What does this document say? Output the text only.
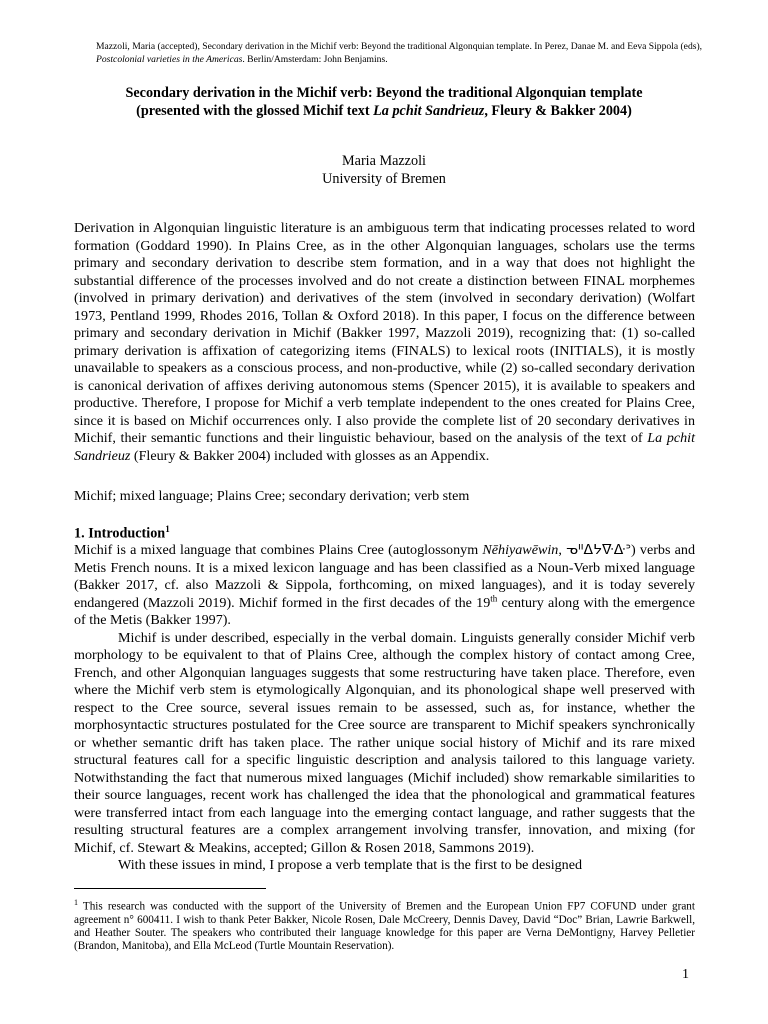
Mazzoli, Maria (accepted), Secondary derivation in the Michif verb: Beyond the traditional Algonquian template. In Perez, Danae M. and Eeva Sippola (eds), Postcolonial varieties in the Americas. Berlin/Amsterdam: John Benjamins.
Secondary derivation in the Michif verb: Beyond the traditional Algonquian template
(presented with the glossed Michif text La pchit Sandrieuz, Fleury & Bakker 2004)
Maria Mazzoli
University of Bremen

Derivation in Algonquian linguistic literature is an ambiguous term that indicating processes related to word formation (Goddard 1990). In Plains Cree, as in the other Algonquian languages, scholars use the terms primary and secondary derivation to describe stem formation, and in a way that does not highlight the substantial difference of the processes involved and do not create a distinction between FINAL morphemes (involved in primary derivation) and derivatives of the stem (involved in secondary derivation) (Wolfart 1973, Pentland 1999, Rhodes 2016, Tollan & Oxford 2018). In this paper, I focus on the difference between primary and secondary derivation in Michif (Bakker 1997, Mazzoli 2019), recognizing that: (1) so-called primary derivation is affixation of categorizing items (FINALS) to lexical roots (INITIALS), it is mostly unavailable to speakers as a conscious process, and non-productive, while (2) so-called secondary derivation is canonical derivation of affixes deriving autonomous stems (Spencer 2015), it is available to speakers and productive. Therefore, I propose for Michif a verb template independent to the ones created for Plains Cree, since it is based on Michif occurrences only. I also provide the complete list of 20 secondary derivatives in Michif, their semantic functions and their linguistic behaviour, based on the analysis of the text of La pchit Sandrieuz (Fleury & Bakker 2004) included with glosses as an Appendix.

Michif; mixed language; Plains Cree; secondary derivation; verb stem

1. Introduction$^1$

Michif is a mixed language that combines Plains Cree (autoglossonym Nēhiyawēwin, ᓀᐦᐃᔭᐍᐏᐣ) verbs and Metis French nouns. It is a mixed lexicon language and has been classified as a Noun-Verb mixed language (Bakker 2017, cf. also Mazzoli & Sippola, forthcoming, on mixed languages), and it is today severely endangered (Mazzoli 2019). Michif formed in the first decades of the 19th century along with the emergence of the Metis (Bakker 1997).

Michif is under described, especially in the verbal domain. Linguists generally consider Michif verb morphology to be equivalent to that of Plains Cree, although the complex history of contact among Cree, French, and other Algonquian languages suggests that some restructuring have taken place. Therefore, even where the Michif verb stem is etymologically Algonquian, and its phonological shape well preserved with respect to the Cree source, several issues remain to be assessed, such as, for instance, whether the morphosyntactic structures postulated for the Cree source are transparent to Michif speakers synchronically or whether semantic drift has taken place. The rather unique social history of Michif and its rare mixed structural features call for a specific linguistic description and analysis tailored to this language variety. Notwithstanding the fact that numerous mixed languages (Michif included) show remarkable similarities to their source languages, recent work has challenged the idea that the phonological and grammatical features were transferred intact from each language into the emerging contact language, and rather suggests that the resulting structural features are a complex arrangement involving transfer, innovation, and mixing (for Michif, cf. Stewart & Meakins, accepted; Gillon & Rosen 2018, Sammons 2019).

With these issues in mind, I propose a verb template that is the first to be designed

$^1$ This research was conducted with the support of the University of Bremen and the European Union FP7 COFUND under grant agreement n° 600411. I wish to thank Peter Bakker, Nicole Rosen, Dale McCreery, Dennis Davey, David “Doc” Brian, Lawrie Barkwell, and Heather Souter. The speakers who contributed their language knowledge for this paper are Verna DeMontigny, Harvey Pelletier (Brandon, Manitoba), and Ella McLeod (Turtle Mountain Reservation).

1
